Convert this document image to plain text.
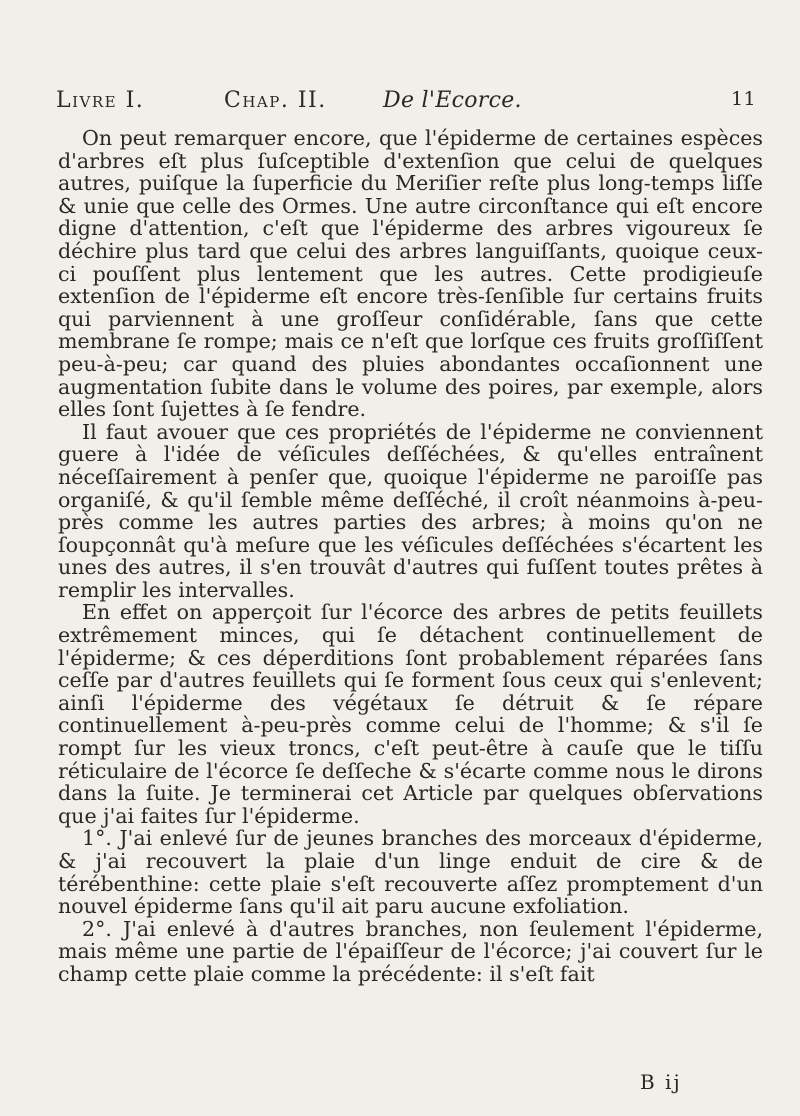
Livre I.	Chap. II.	De l'Ecorce.	11

On peut remarquer encore, que l'épiderme de certaines espèces d'arbres eſt plus ſuſceptible d'extenſion que celui de quelques autres, puiſque la ſuperficie du Meriſier reſte plus long-temps liſſe & unie que celle des Ormes. Une autre circonſtance qui eſt encore digne d'attention, c'eſt que l'épiderme des arbres vigoureux ſe déchire plus tard que celui des arbres languiſſants, quoique ceux-ci pouſſent plus lentement que les autres. Cette prodigieuſe extenſion de l'épiderme eſt encore très-ſenſible ſur certains fruits qui parviennent à une groſſeur conſidérable, ſans que cette membrane ſe rompe; mais ce n'eſt que lorſque ces fruits groſſiſſent peu-à-peu; car quand des pluies abondantes occaſionnent une augmentation ſubite dans le volume des poires, par exemple, alors elles ſont ſujettes à ſe fendre.

Il faut avouer que ces propriétés de l'épiderme ne conviennent guere à l'idée de véſicules deſſéchées, & qu'elles entraînent néceſſairement à penſer que, quoique l'épiderme ne paroiſſe pas organiſé, & qu'il ſemble même deſſéché, il croît néanmoins à-peu-près comme les autres parties des arbres; à moins qu'on ne ſoupçonnât qu'à meſure que les véſicules deſſéchées s'écartent les unes des autres, il s'en trouvât d'autres qui fuſſent toutes prêtes à remplir les intervalles.

En effet on apperçoit ſur l'écorce des arbres de petits feuillets extrêmement minces, qui ſe détachent continuellement de l'épiderme; & ces déperditions ſont probablement réparées ſans ceſſe par d'autres feuillets qui ſe forment ſous ceux qui s'enlevent; ainſi l'épiderme des végétaux ſe détruit & ſe répare continuellement à-peu-près comme celui de l'homme; & s'il ſe rompt ſur les vieux troncs, c'eſt peut-être à cauſe que le tiſſu réticulaire de l'écorce ſe deſſeche & s'écarte comme nous le dirons dans la ſuite. Je terminerai cet Article par quelques obſervations que j'ai faites ſur l'épiderme.

1°. J'ai enlevé ſur de jeunes branches des morceaux d'épiderme, & j'ai recouvert la plaie d'un linge enduit de cire & de térébenthine: cette plaie s'eſt recouverte aſſez promptement d'un nouvel épiderme ſans qu'il ait paru aucune exfoliation.

2°. J'ai enlevé à d'autres branches, non ſeulement l'épiderme, mais même une partie de l'épaiſſeur de l'écorce; j'ai couvert ſur le champ cette plaie comme la précédente: il s'eſt fait

B ij
